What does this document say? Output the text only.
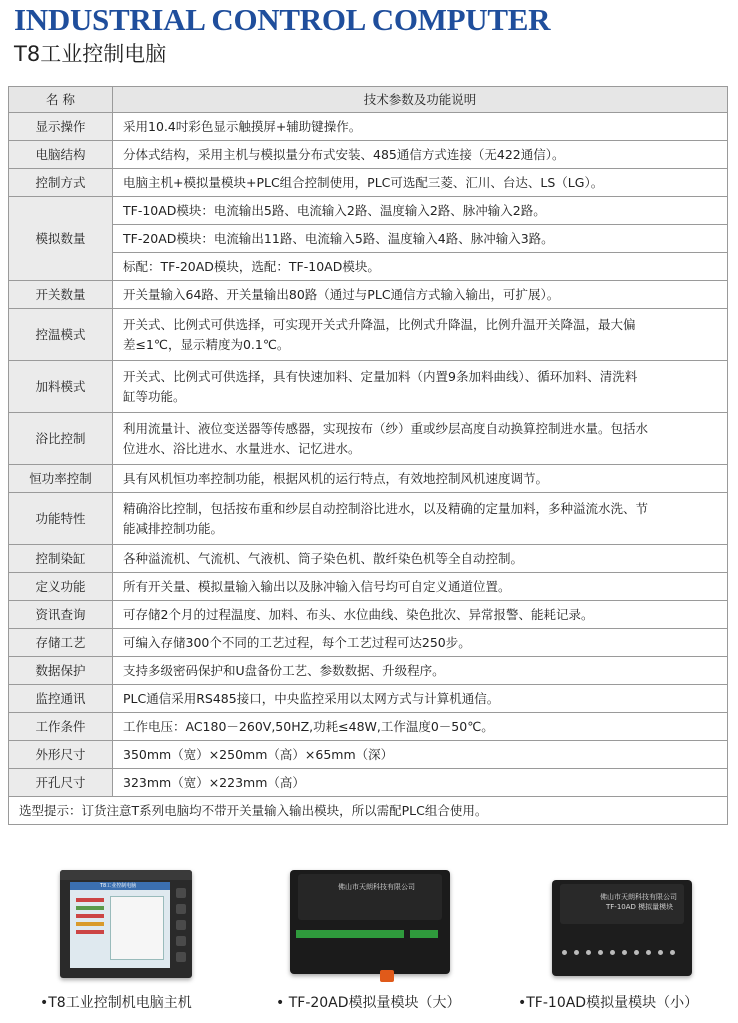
INDUSTRIAL CONTROL COMPUTER
T8工业控制电脑
名 称	技术参数及功能说明
显示操作	采用10.4吋彩色显示触摸屏+辅助键操作。
电脑结构	分体式结构，采用主机与模拟量分布式安装、485通信方式连接（无422通信）。
控制方式	电脑主机+模拟量模块+PLC组合控制使用，PLC可选配三菱、汇川、台达、LS（LG）。
模拟数量	TF-10AD模块：电流输出5路、电流输入2路、温度输入2路、脉冲输入2路。
	TF-20AD模块：电流输出11路、电流输入5路、温度输入4路、脉冲输入3路。
	标配：TF-20AD模块，选配：TF-10AD模块。
开关数量	开关量输入64路、开关量输出80路（通过与PLC通信方式输入输出，可扩展）。
控温模式	开关式、比例式可供选择，可实现开关式升降温，比例式升降温，比例升温开关降温，最大偏
差≤1℃，显示精度为0.1℃。
加料模式	开关式、比例式可供选择，具有快速加料、定量加料（内置9条加料曲线）、循环加料、清洗料
缸等功能。
浴比控制	利用流量计、液位变送器等传感器，实现按布（纱）重或纱层高度自动换算控制进水量。包括水
位进水、浴比进水、水量进水、记忆进水。
恒功率控制	具有风机恒功率控制功能，根据风机的运行特点，有效地控制风机速度调节。
功能特性	精确浴比控制，包括按布重和纱层自动控制浴比进水，以及精确的定量加料，多种溢流水洗、节
能减排控制功能。
控制染缸	各种溢流机、气流机、气液机、筒子染色机、散纤染色机等全自动控制。
定义功能	所有开关量、模拟量输入输出以及脉冲输入信号均可自定义通道位置。
资讯查询	可存储2个月的过程温度、加料、布头、水位曲线、染色批次、异常报警、能耗记录。
存储工艺	可编入存储300个不同的工艺过程，每个工艺过程可达250步。
数据保护	支持多级密码保护和U盘备份工艺、参数数据、升级程序。
监控通讯	PLC通信采用RS485接口，中央监控采用以太网方式与计算机通信。
工作条件	工作电压：AC180－260V,50HZ,功耗≤48W,工作温度0－50℃。
外形尺寸	350mm（宽）×250mm（高）×65mm（深）
开孔尺寸	323mm（宽）×223mm（高）
选型提示：订货注意T系列电脑均不带开关量输入输出模块，所以需配PLC组合使用。	
T8工业控制电脑
•T8工业控制机电脑主机
佛山市天朗科技有限公司
• TF-20AD模拟量模块（大）
佛山市天朗科技有限公司
TF-10AD 模拟量模块
•TF-10AD模拟量模块（小）
